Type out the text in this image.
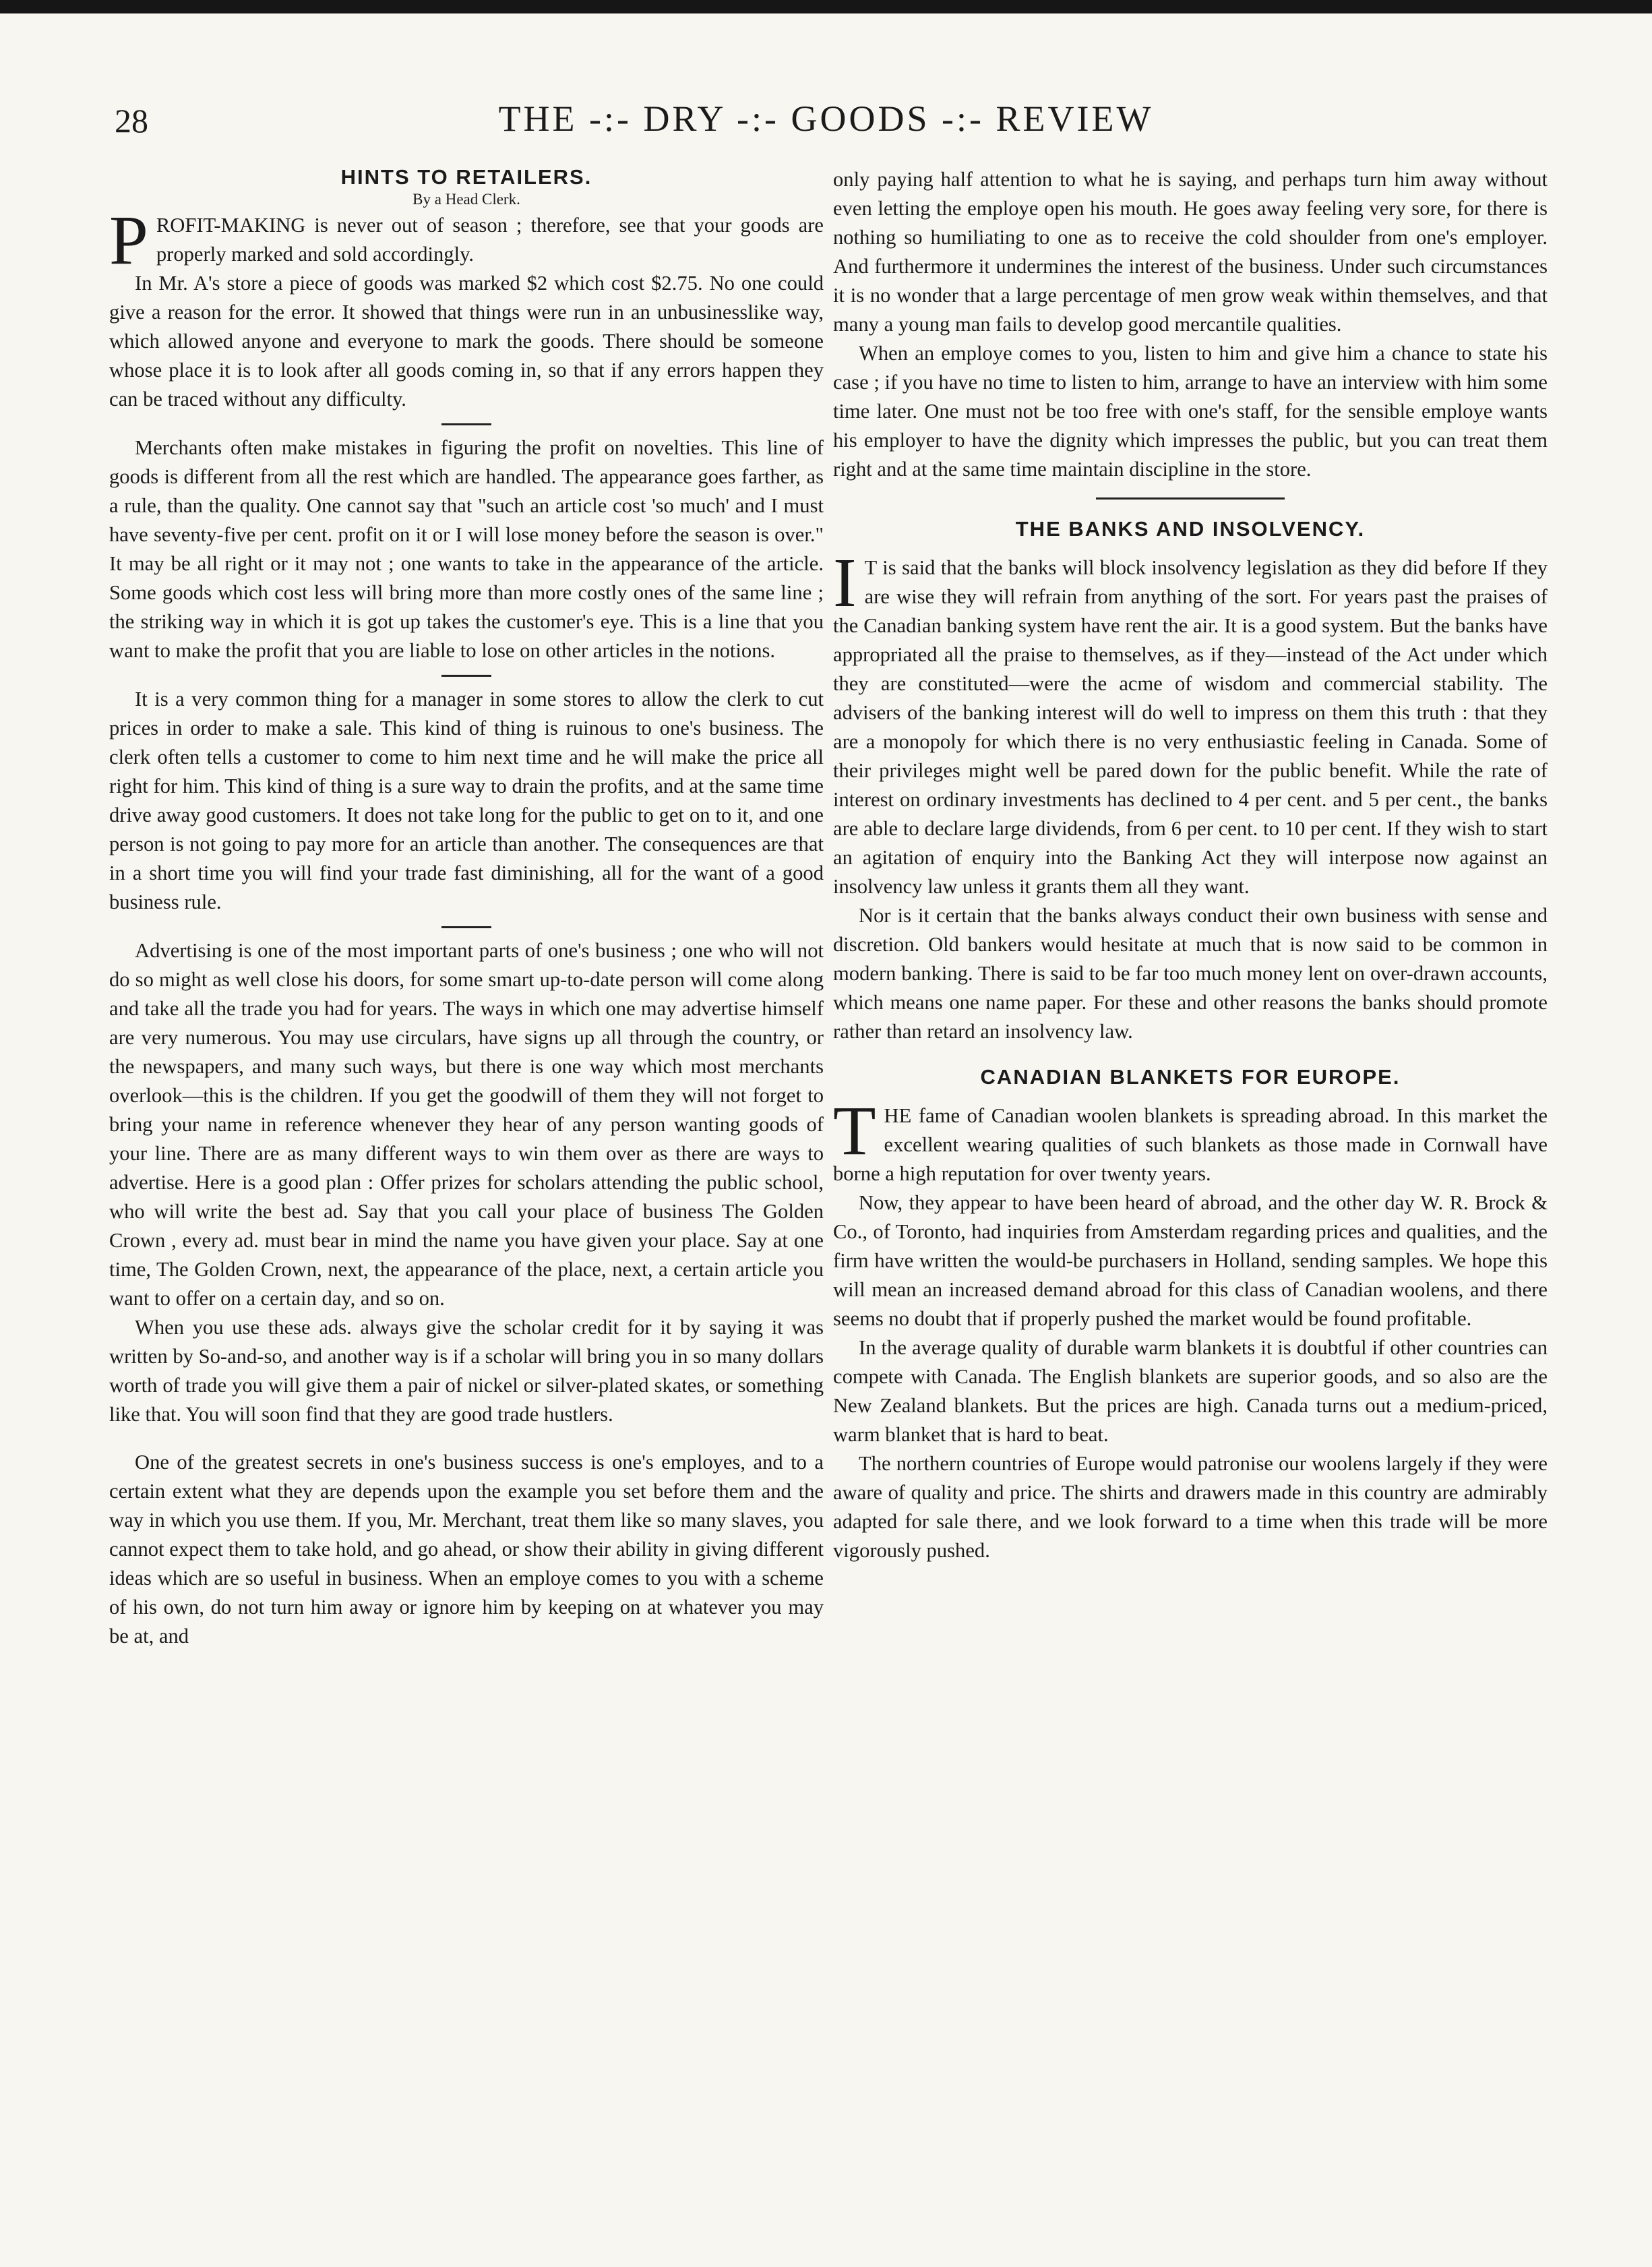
28	THE -:- DRY -:- GOODS -:- REVIEW
HINTS TO RETAILERS.
By a Head Clerk.

PROFIT-MAKING is never out of season ; therefore, see that your goods are properly marked and sold accordingly.

In Mr. A's store a piece of goods was marked $2 which cost $2.75. No one could give a reason for the error. It showed that things were run in an unbusinesslike way, which allowed anyone and everyone to mark the goods. There should be someone whose place it is to look after all goods coming in, so that if any errors happen they can be traced without any difficulty.

Merchants often make mistakes in figuring the profit on novelties. This line of goods is different from all the rest which are handled. The appearance goes farther, as a rule, than the quality. One cannot say that "such an article cost 'so much' and I must have seventy-five per cent. profit on it or I will lose money before the season is over." It may be all right or it may not ; one wants to take in the appearance of the article. Some goods which cost less will bring more than more costly ones of the same line ; the striking way in which it is got up takes the customer's eye. This is a line that you want to make the profit that you are liable to lose on other articles in the notions.

It is a very common thing for a manager in some stores to allow the clerk to cut prices in order to make a sale. This kind of thing is ruinous to one's business. The clerk often tells a customer to come to him next time and he will make the price all right for him. This kind of thing is a sure way to drain the profits, and at the same time drive away good customers. It does not take long for the public to get on to it, and one person is not going to pay more for an article than another. The consequences are that in a short time you will find your trade fast diminishing, all for the want of a good business rule.

Advertising is one of the most important parts of one's business ; one who will not do so might as well close his doors, for some smart up-to-date person will come along and take all the trade you had for years. The ways in which one may advertise himself are very numerous. You may use circulars, have signs up all through the country, or the newspapers, and many such ways, but there is one way which most merchants overlook—this is the children. If you get the goodwill of them they will not forget to bring your name in reference whenever they hear of any person wanting goods of your line. There are as many different ways to win them over as there are ways to advertise. Here is a good plan : Offer prizes for scholars attending the public school, who will write the best ad. Say that you call your place of business The Golden Crown , every ad. must bear in mind the name you have given your place. Say at one time, The Golden Crown, next, the appearance of the place, next, a certain article you want to offer on a certain day, and so on.

When you use these ads. always give the scholar credit for it by saying it was written by So-and-so, and another way is if a scholar will bring you in so many dollars worth of trade you will give them a pair of nickel or silver-plated skates, or something like that. You will soon find that they are good trade hustlers.

One of the greatest secrets in one's business success is one's employes, and to a certain extent what they are depends upon the example you set before them and the way in which you use them. If you, Mr. Merchant, treat them like so many slaves, you cannot expect them to take hold, and go ahead, or show their ability in giving different ideas which are so useful in business. When an employe comes to you with a scheme of his own, do not turn him away or ignore him by keeping on at whatever you may be at, and

only paying half attention to what he is saying, and perhaps turn him away without even letting the employe open his mouth. He goes away feeling very sore, for there is nothing so humiliating to one as to receive the cold shoulder from one's employer. And furthermore it undermines the interest of the business. Under such circumstances it is no wonder that a large percentage of men grow weak within themselves, and that many a young man fails to develop good mercantile qualities.

When an employe comes to you, listen to him and give him a chance to state his case ; if you have no time to listen to him, arrange to have an interview with him some time later. One must not be too free with one's staff, for the sensible employe wants his employer to have the dignity which impresses the public, but you can treat them right and at the same time maintain discipline in the store.

THE BANKS AND INSOLVENCY.

I T is said that the banks will block insolvency legislation as they did before If they are wise they will refrain from anything of the sort. For years past the praises of the Canadian banking system have rent the air. It is a good system. But the banks have appropriated all the praise to themselves, as if they—instead of the Act under which they are constituted—were the acme of wisdom and commercial stability. The advisers of the banking interest will do well to impress on them this truth : that they are a monopoly for which there is no very enthusiastic feeling in Canada. Some of their privileges might well be pared down for the public benefit. While the rate of interest on ordinary investments has declined to 4 per cent. and 5 per cent., the banks are able to declare large dividends, from 6 per cent. to 10 per cent. If they wish to start an agitation of enquiry into the Banking Act they will interpose now against an insolvency law unless it grants them all they want.

Nor is it certain that the banks always conduct their own business with sense and discretion. Old bankers would hesitate at much that is now said to be common in modern banking. There is said to be far too much money lent on over-drawn accounts, which means one name paper. For these and other reasons the banks should promote rather than retard an insolvency law.

CANADIAN BLANKETS FOR EUROPE.

THE fame of Canadian woolen blankets is spreading abroad. In this market the excellent wearing qualities of such blankets as those made in Cornwall have borne a high reputation for over twenty years.

Now, they appear to have been heard of abroad, and the other day W. R. Brock & Co., of Toronto, had inquiries from Amsterdam regarding prices and qualities, and the firm have written the would-be purchasers in Holland, sending samples. We hope this will mean an increased demand abroad for this class of Canadian woolens, and there seems no doubt that if properly pushed the market would be found profitable.

In the average quality of durable warm blankets it is doubtful if other countries can compete with Canada. The English blankets are superior goods, and so also are the New Zealand blankets. But the prices are high. Canada turns out a medium-priced, warm blanket that is hard to beat.

The northern countries of Europe would patronise our woolens largely if they were aware of quality and price. The shirts and drawers made in this country are admirably adapted for sale there, and we look forward to a time when this trade will be more vigorously pushed.
